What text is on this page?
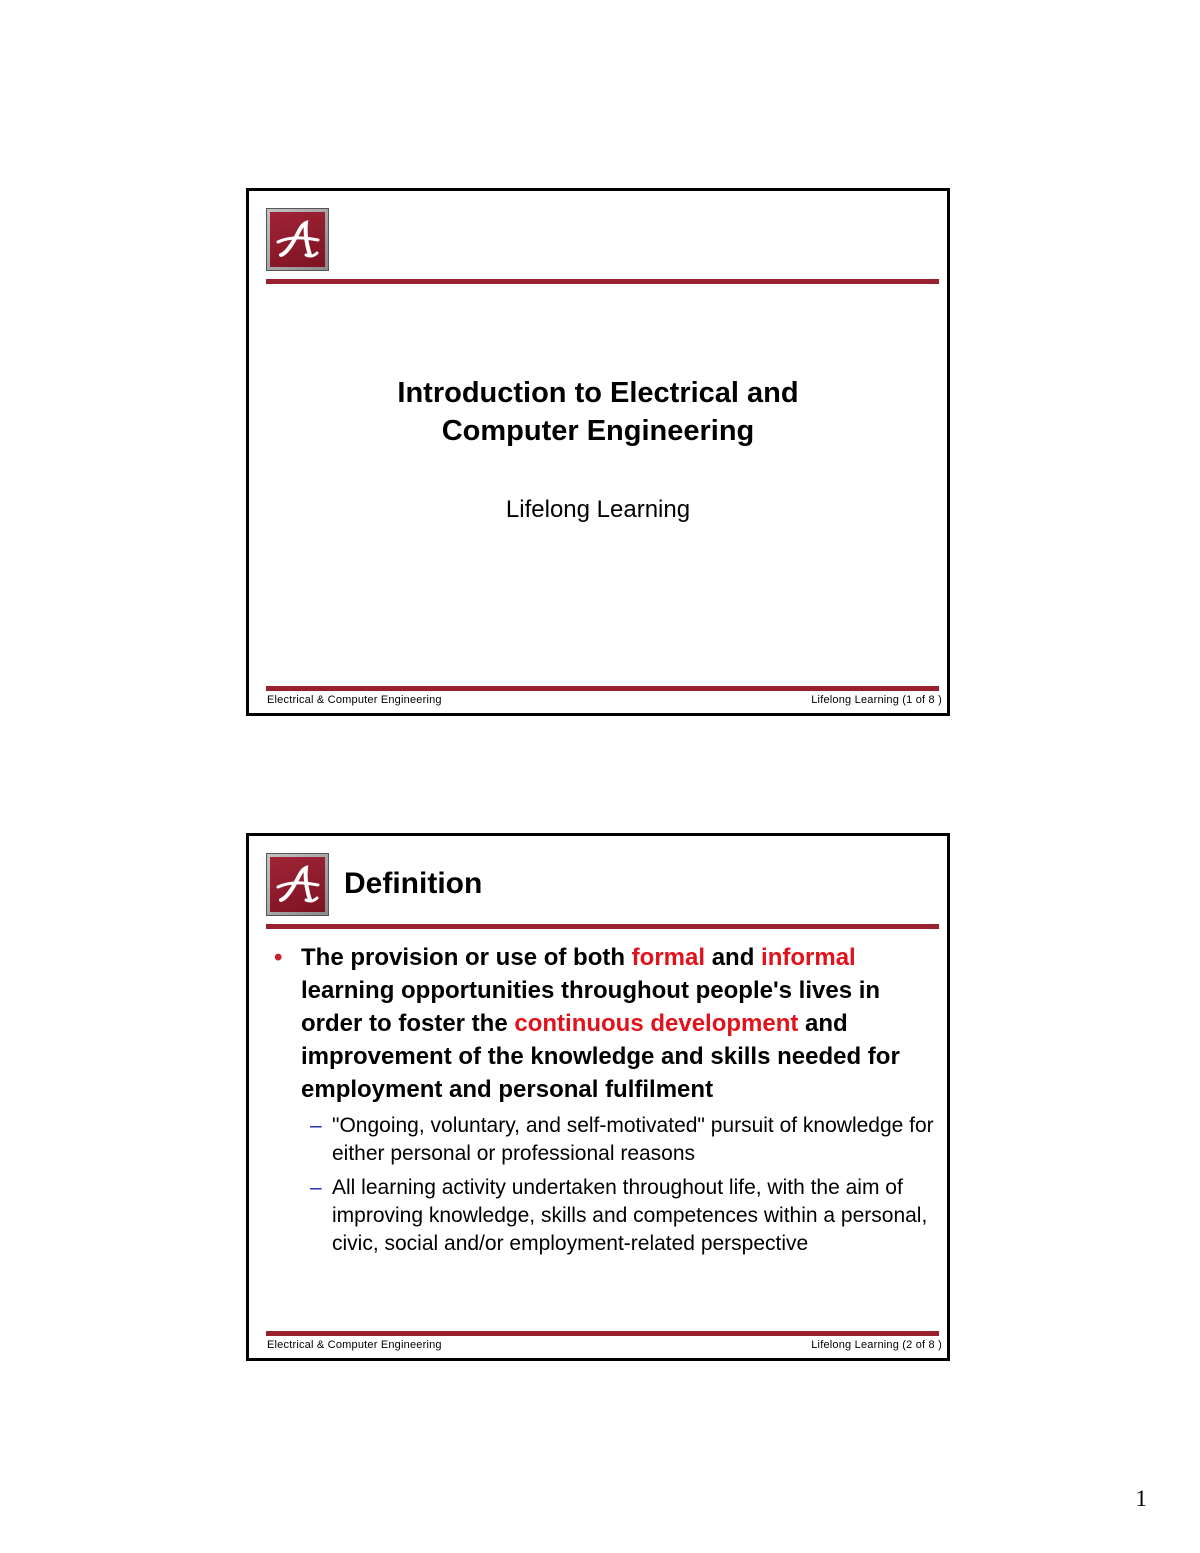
Introduction to Electrical and
Computer Engineering
Lifelong Learning
Electrical & Computer Engineering	Lifelong Learning (1 of 8 )
Definition
• The provision or use of both formal and informal learning opportunities throughout people's lives in order to foster the continuous development and improvement of the knowledge and skills needed for employment and personal fulfilment
– "Ongoing, voluntary, and self-motivated" pursuit of knowledge for either personal or professional reasons
– All learning activity undertaken throughout life, with the aim of improving knowledge, skills and competences within a personal, civic, social and/or employment-related perspective
Electrical & Computer Engineering	Lifelong Learning (2 of 8 )
1
